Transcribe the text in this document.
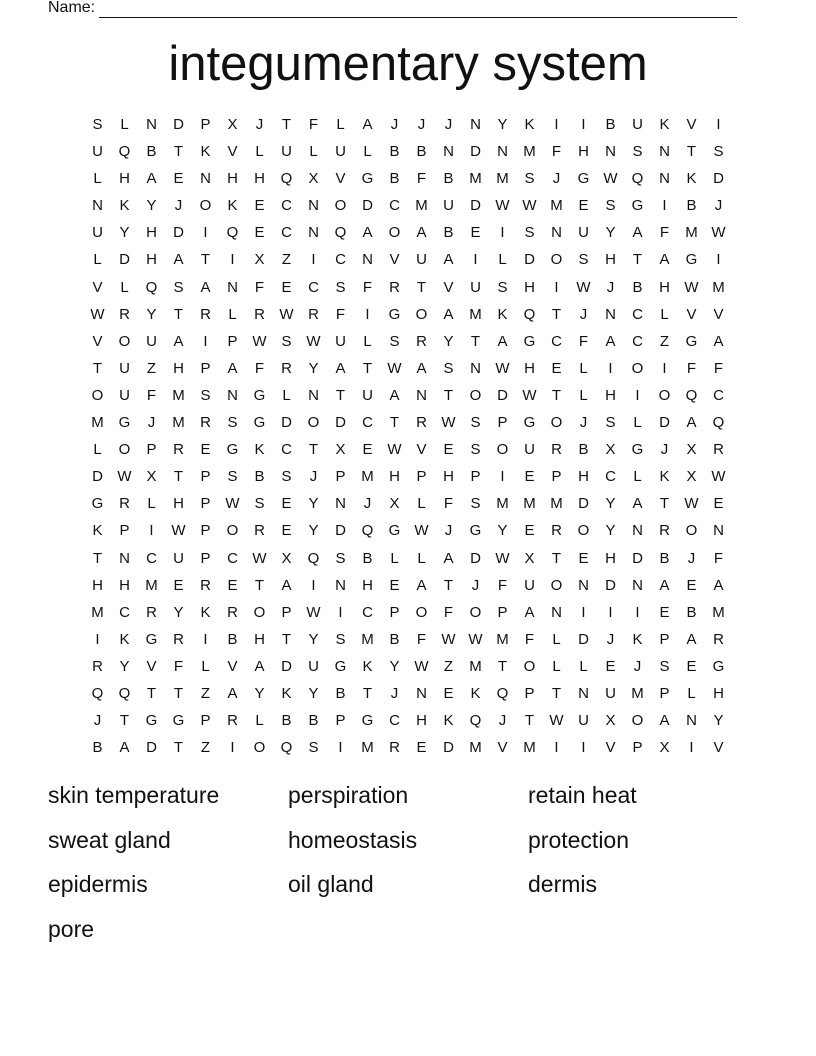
Name:
integumentary system
S	L	N	D	P	X	J	T	F	L	A	J	J	J	N	Y	K	I	I	B	U	K	V	I
U	Q	B	T	K	V	L	U	L	U	L	B	B	N	D	N	M	F	H	N	S	N	T	S
L	H	A	E	N	H	H	Q	X	V	G	B	F	B	M M	S	J	G W Q	N	K	D
N	K	Y	J	O	K	E	C	N	O	D	C	M	U	D W W M	E	S	G	I	B	J
U	Y	H	D	I	Q	E	C	N	Q	A	O	A	B	E	I	S	N	U	Y	A	F	M W
L	D	H	A	T	I	X	Z	I	C	N	V	U	A	I	L	D	O	S	H	T	A	G	I
V	L	Q	S	A	N	F	E	C	S	F	R	T	V	U	S	H	I	W	J	B	H W M
W R	Y	T	R	L	R W R	F	I	G	O	A	M	K	Q	T	J	N	C	L	V	V
V	O	U	A	I	P W S W U	L	S	R	Y	T	A	G	C	F	A	C	Z	G	A
T	U	Z	H	P	A	F	R	Y	A	T	W A	S	N W H	E	L	I	O	I	F	F
O	U	F	M	S	N	G	L	N	T	U	A	N	T	O	D W	T	L	H	I	O	Q	C
M G	J	M	R	S	G	D	O	D	C	T	R W S	P	G	O	J	S	L	D	A	Q
L	O	P	R	E	G	K	C	T	X	E W V	E	S	O	U	R	B	X	G	J	X	R
D W X	T	P	S	B	S	J	P	M	H	P	H	P	I	E	P	H	C	L	K	X W
G	R	L	H	P W S	E	Y	N	J	X	L	F	S	M M M	D	Y	A	T	W E
K	P	I	W P	O	R	E	Y	D	Q	G W	J	G	Y	E	R	O	Y	N	R	O	N
T	N	C	U	P	C W X	Q	S	B	L	L	A	D W X	T	E	H	D	B	J	F
H	H	M	E	R	E	T	A	I	N	H	E	A	T	J	F	U	O	N	D	N	A	E	A
M	C	R	Y	K	R	O	P W	I	C	P	O	F	O	P	A	N	I	I	I	E	B	M
I	K	G	R	I	B	H	T	Y	S	M	B	F	W W M	F	L	D	J	K	P	A	R
R	Y	V	F	L	V	A	D	U	G	K	Y W	Z	M	T	O	L	L	E	J	S	E	G
Q	Q	T	T	Z	A	Y	K	Y	B	T	J	N	E	K	Q	P	T	N	U	M	P	L	H
J	T	G	G	P	R	L	B	B	P	G	C	H	K	Q	J	T	W U	X	O	A	N	Y
B	A	D	T	Z	I	O	Q	S	I	M	R	E	D	M	V	M	I	I	V	P	X	I	V
skin temperature	perspiration	retain heat
sweat gland	homeostasis	protection
epidermis	oil gland	dermis
pore
